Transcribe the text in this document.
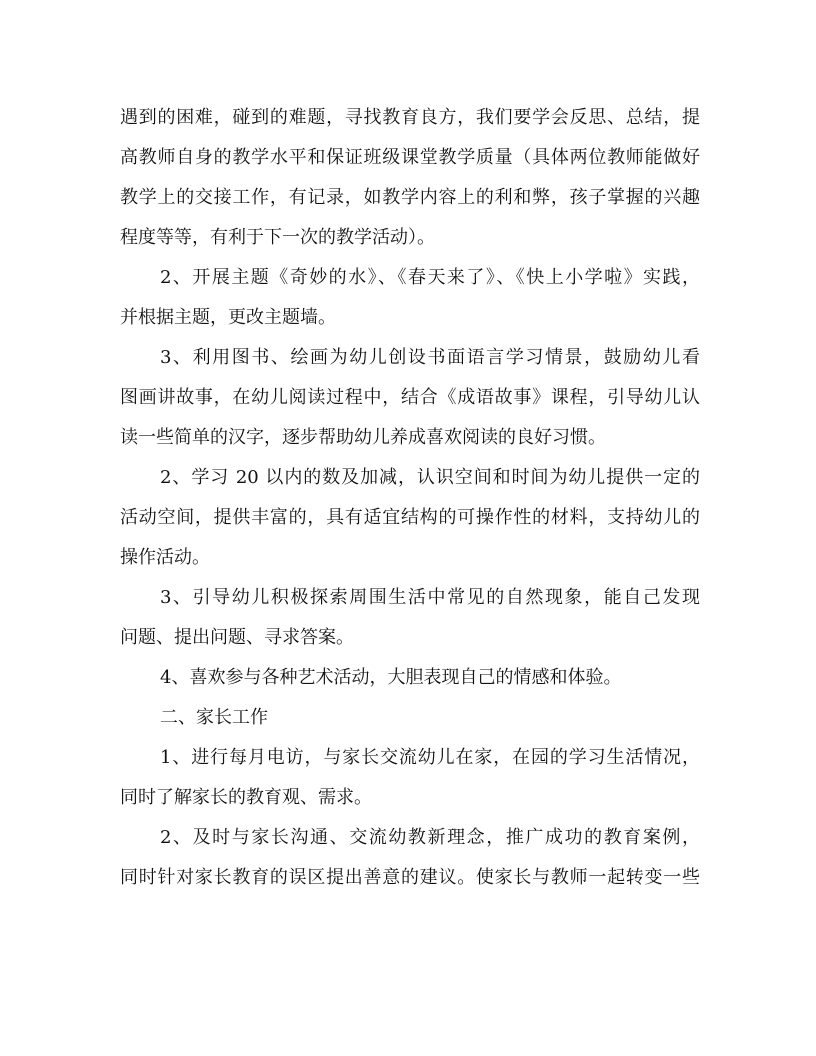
遇到的困难，碰到的难题，寻找教育良方，我们要学会反思、总结，提
高教师自身的教学水平和保证班级课堂教学质量（具体两位教师能做好
教学上的交接工作，有记录，如教学内容上的利和弊，孩子掌握的兴趣
程度等等，有利于下一次的教学活动）。
2、开展主题《奇妙的水》、《春天来了》、《快上小学啦》实践，
并根据主题，更改主题墙。
3、利用图书、绘画为幼儿创设书面语言学习情景，鼓励幼儿看
图画讲故事，在幼儿阅读过程中，结合《成语故事》课程，引导幼儿认
读一些简单的汉字，逐步帮助幼儿养成喜欢阅读的良好习惯。
2、学习 20 以内的数及加减，认识空间和时间为幼儿提供一定的
活动空间，提供丰富的，具有适宜结构的可操作性的材料，支持幼儿的
操作活动。
3、引导幼儿积极探索周围生活中常见的自然现象，能自己发现
问题、提出问题、寻求答案。
4、喜欢参与各种艺术活动，大胆表现自己的情感和体验。
二、家长工作
1、进行每月电访，与家长交流幼儿在家，在园的学习生活情况，
同时了解家长的教育观、需求。
2、及时与家长沟通、交流幼教新理念，推广成功的教育案例，
同时针对家长教育的误区提出善意的建议。使家长与教师一起转变一些
